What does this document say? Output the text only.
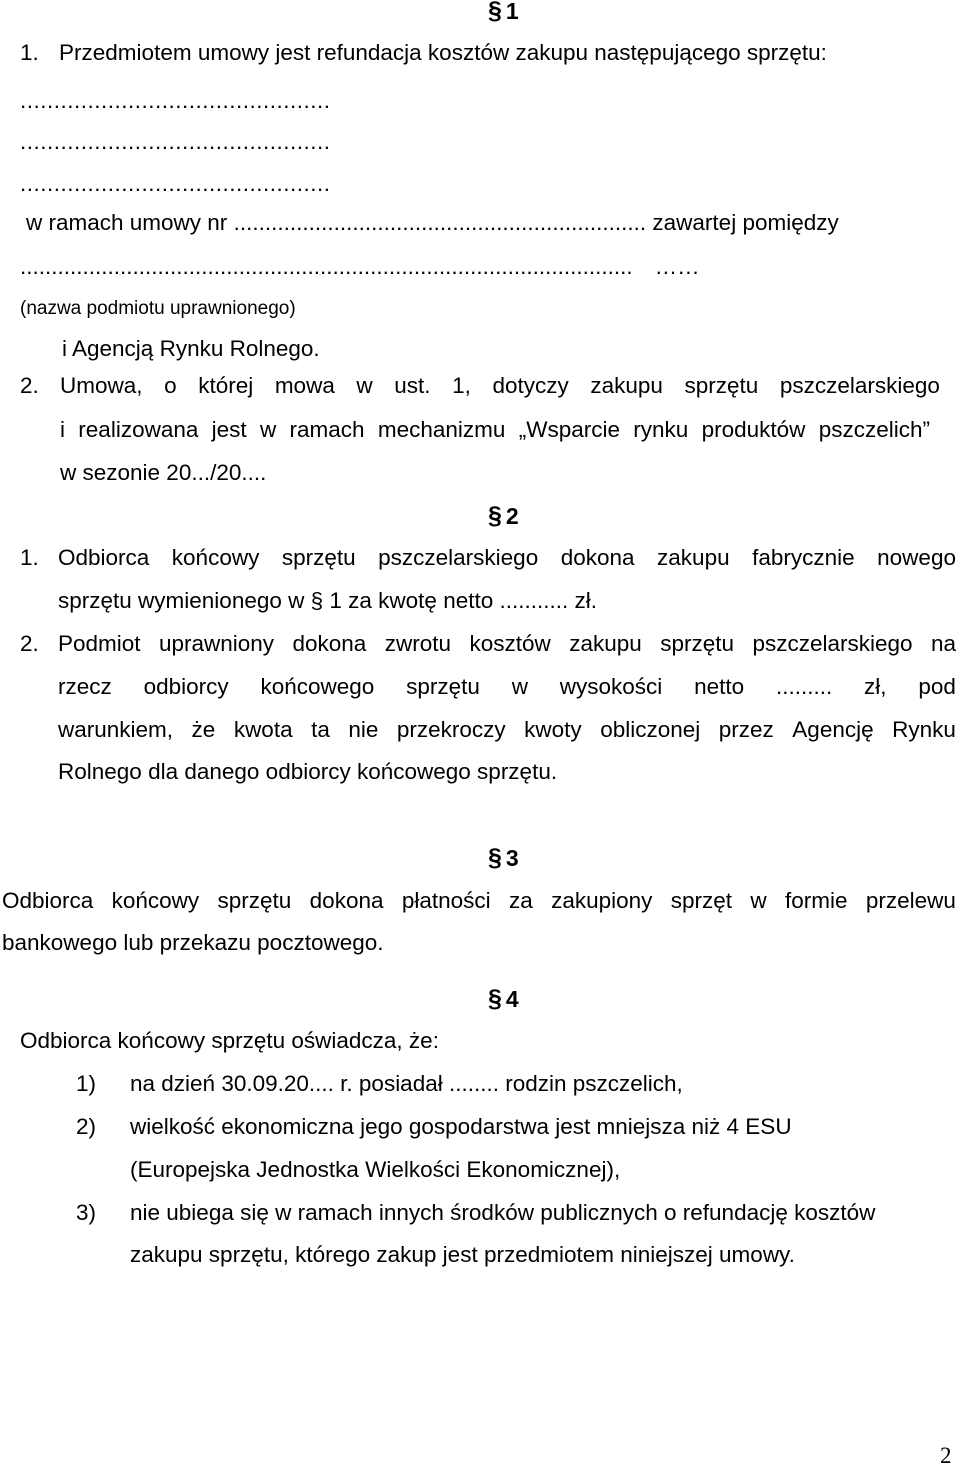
§ 1
1. Przedmiotem umowy jest refundacja kosztów zakupu następującego sprzętu:
..............................................
..............................................
..............................................
w ramach umowy nr .................................................................. zawartej pomiędzy
.................................................................................................. ……
(nazwa podmiotu uprawnionego)
i Agencją Rynku Rolnego.
2. Umowa, o której mowa w ust. 1, dotyczy zakupu sprzętu pszczelarskiego
i realizowana jest w ramach mechanizmu „Wsparcie rynku produktów pszczelich”
w sezonie 20.../20....
§ 2
1. Odbiorca końcowy sprzętu pszczelarskiego dokona zakupu fabrycznie nowego
sprzętu wymienionego w § 1 za kwotę netto ........... zł.
2. Podmiot uprawniony dokona zwrotu kosztów zakupu sprzętu pszczelarskiego na
rzecz odbiorcy końcowego sprzętu w wysokości netto ......... zł, pod
warunkiem, że kwota ta nie przekroczy kwoty obliczonej przez Agencję Rynku
Rolnego dla danego odbiorcy końcowego sprzętu.
§ 3
Odbiorca końcowy sprzętu dokona płatności za zakupiony sprzęt w formie przelewu
bankowego lub przekazu pocztowego.
§ 4
Odbiorca końcowy sprzętu oświadcza, że:
1) na dzień 30.09.20.... r. posiadał ........ rodzin pszczelich,
2) wielkość ekonomiczna jego gospodarstwa jest mniejsza niż 4 ESU
(Europejska Jednostka Wielkości Ekonomicznej),
3) nie ubiega się w ramach innych środków publicznych o refundację kosztów
zakupu sprzętu, którego zakup jest przedmiotem niniejszej umowy.
2
